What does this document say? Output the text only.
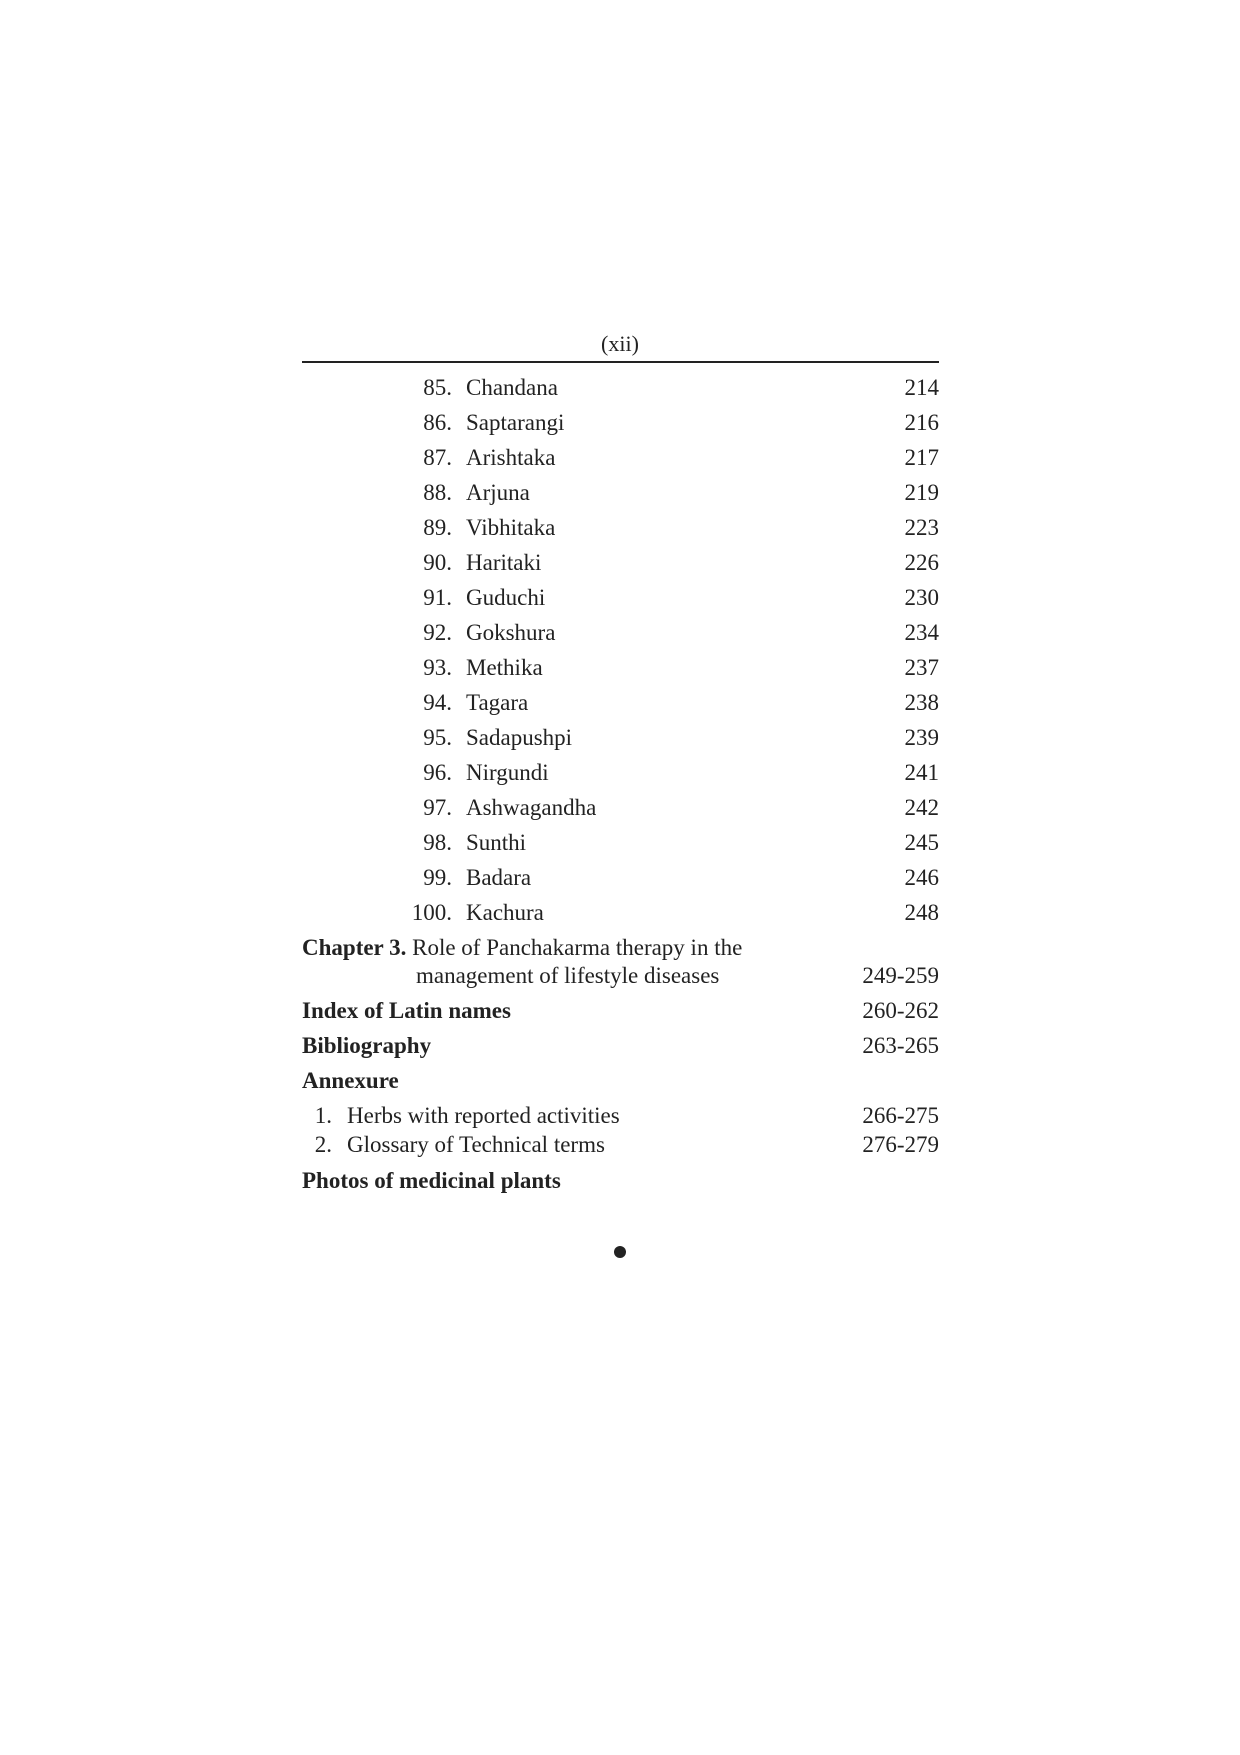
(xii)
85. Chandana	214
86. Saptarangi	216
87. Arishtaka	217
88. Arjuna	219
89. Vibhitaka	223
90. Haritaki	226
91. Guduchi	230
92. Gokshura	234
93. Methika	237
94. Tagara	238
95. Sadapushpi	239
96. Nirgundi	241
97. Ashwagandha	242
98. Sunthi	245
99. Badara	246
100. Kachura	248
Chapter 3. Role of Panchakarma therapy in the
management of lifestyle diseases	249-259
Index of Latin names	260-262
Bibliography	263-265
Annexure
1. Herbs with reported activities	266-275
2. Glossary of Technical terms	276-279
Photos of medicinal plants
